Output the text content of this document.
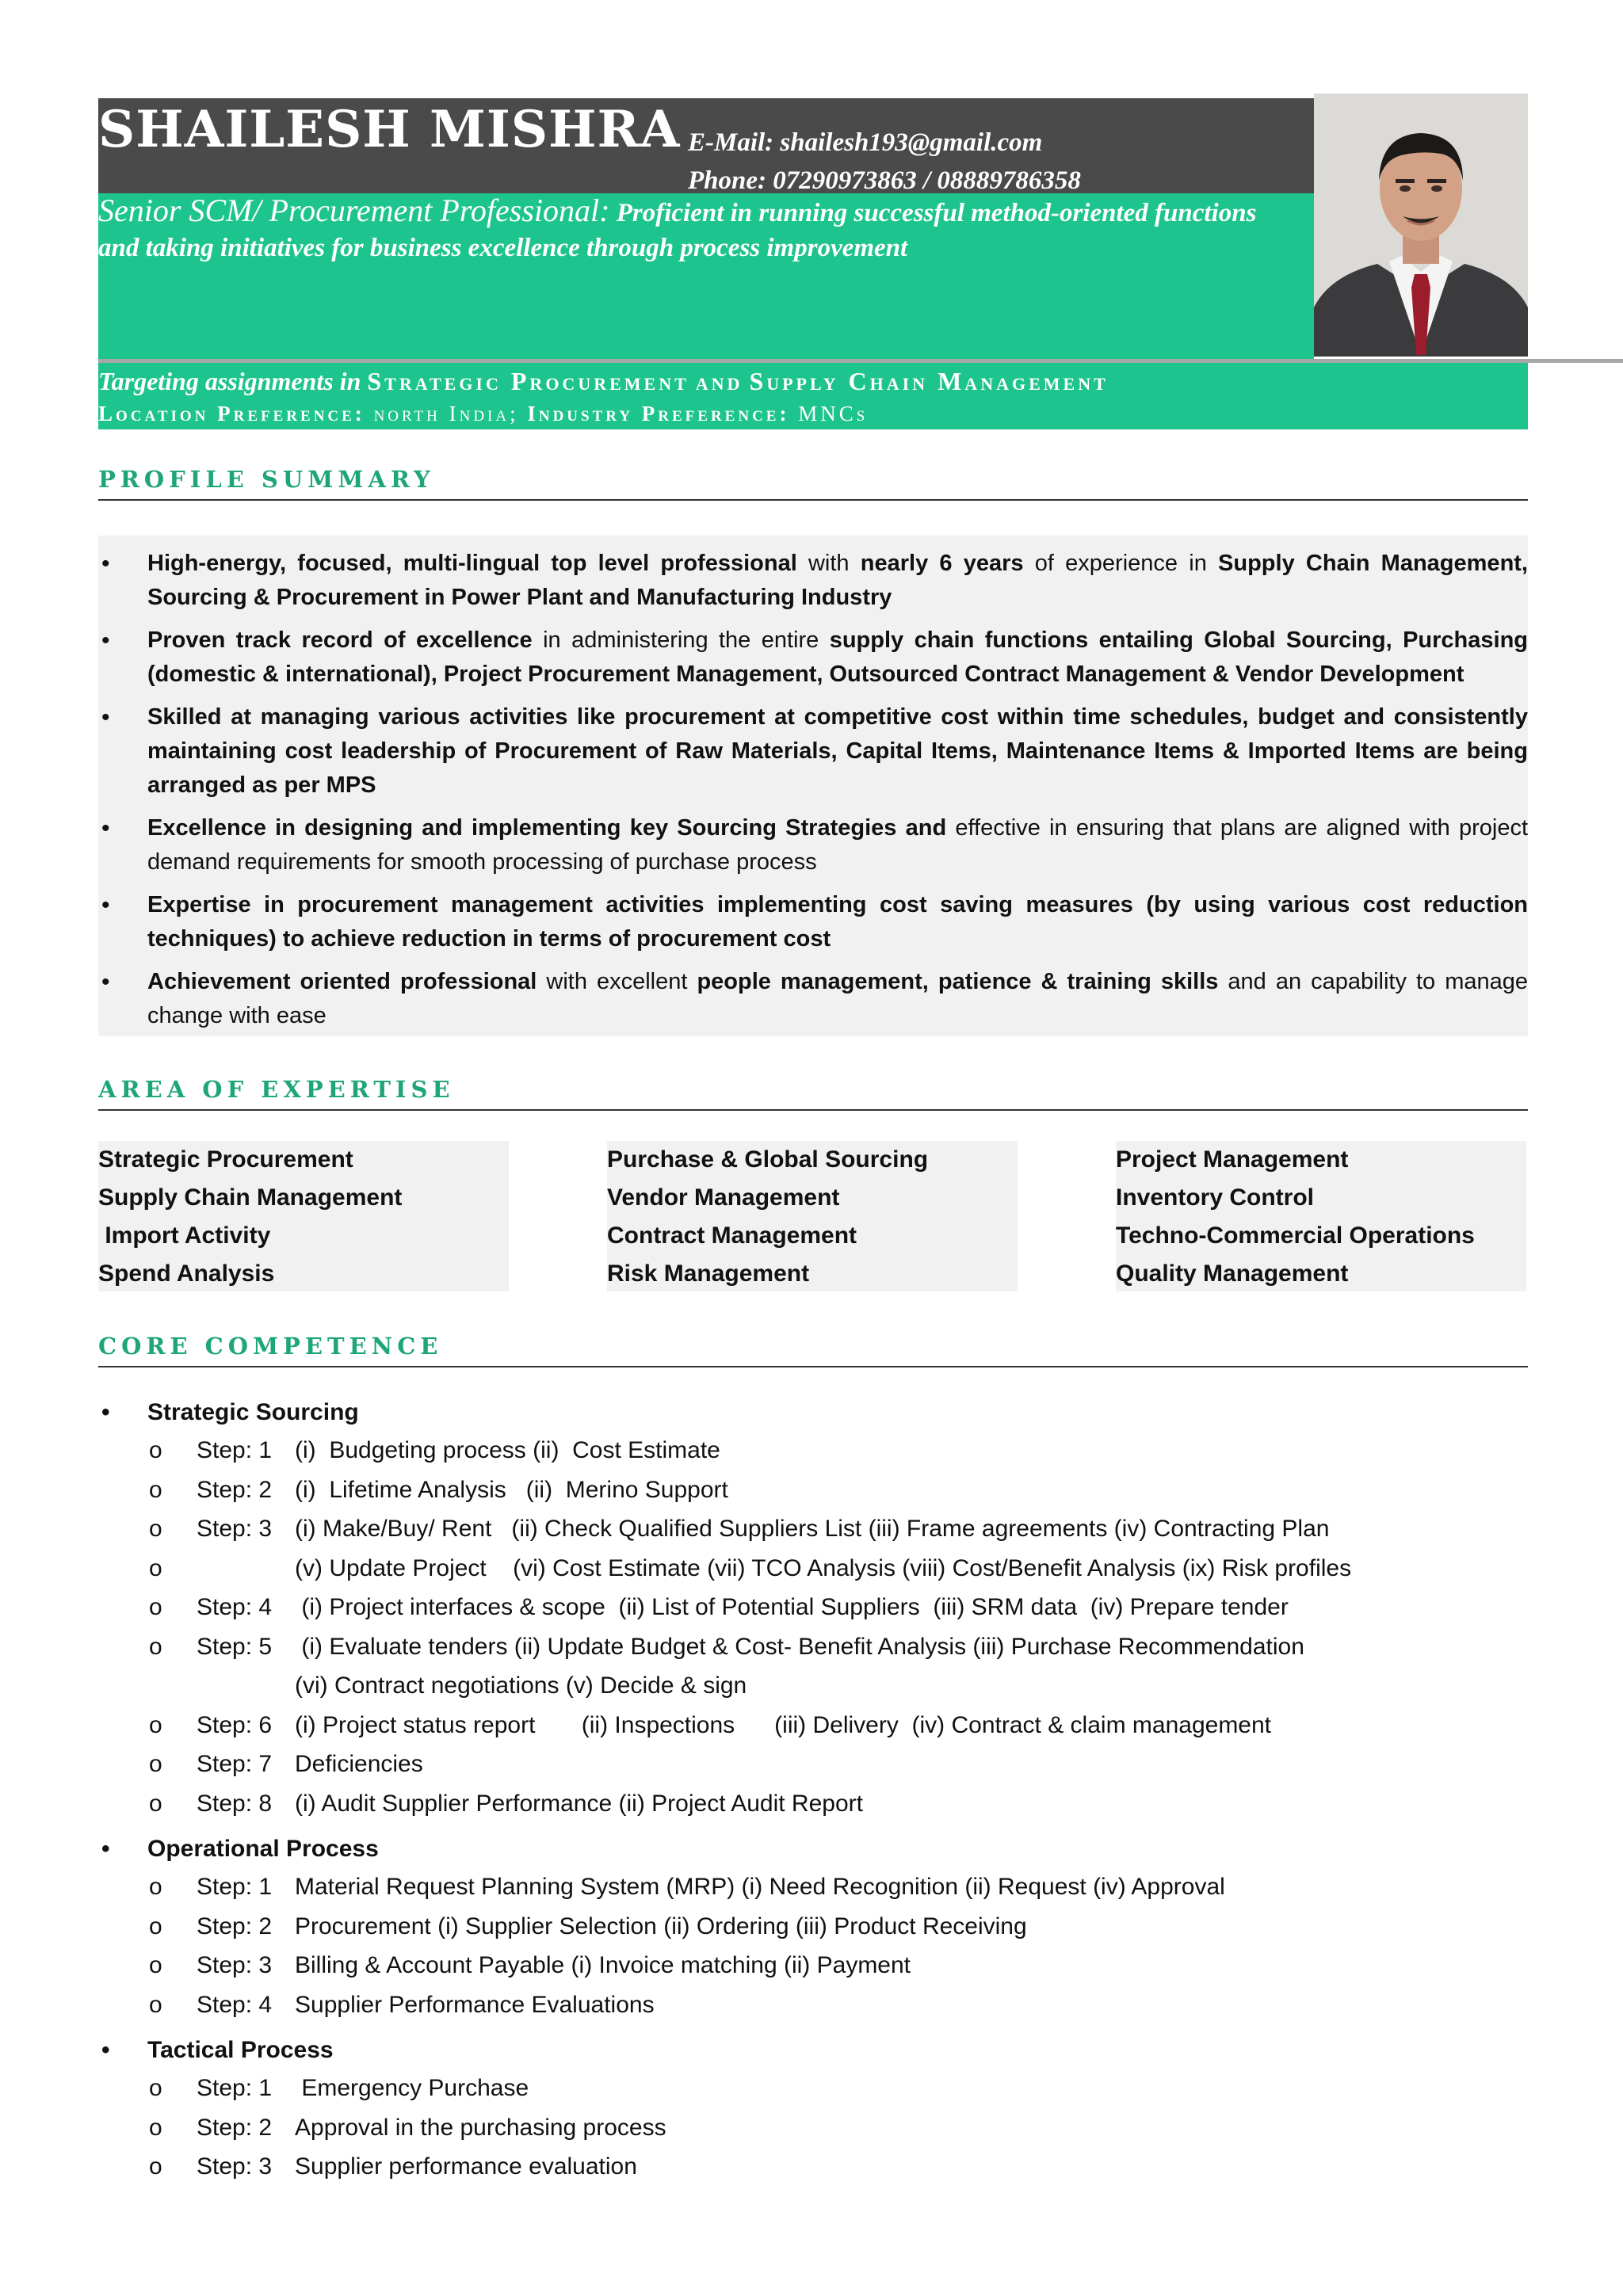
SHAILESH MISHRA E-Mail: shailesh193@gmail.com
Phone: 07290973863 / 08889786358
Senior SCM/ Procurement Professional: Proficient in running successful method-oriented functions and taking initiatives for business excellence through process improvement
Targeting assignments in Strategic Procurement and Supply Chain Management
Location Preference: north India; Industry Preference: MNCs
PROFILE SUMMARY
• High-energy, focused, multi-lingual top level professional with nearly 6 years of experience in Supply Chain Management, Sourcing & Procurement in Power Plant and Manufacturing Industry
• Proven track record of excellence in administering the entire supply chain functions entailing Global Sourcing, Purchasing (domestic & international), Project Procurement Management, Outsourced Contract Management & Vendor Development
• Skilled at managing various activities like procurement at competitive cost within time schedules, budget and consistently maintaining cost leadership of Procurement of Raw Materials, Capital Items, Maintenance Items & Imported Items are being arranged as per MPS
• Excellence in designing and implementing key Sourcing Strategies and effective in ensuring that plans are aligned with project demand requirements for smooth processing of purchase process
• Expertise in procurement management activities implementing cost saving measures (by using various cost reduction techniques) to achieve reduction in terms of procurement cost
• Achievement oriented professional with excellent people management, patience & training skills and an capability to manage change with ease
AREA OF EXPERTISE
Strategic Procurement
Supply Chain Management
Import Activity
Spend Analysis
Purchase & Global Sourcing
Vendor Management
Contract Management
Risk Management
Project Management
Inventory Control
Techno-Commercial Operations
Quality Management
CORE COMPETENCE
• Strategic Sourcing
o Step: 1 (i)  Budgeting process (ii)  Cost Estimate
o Step: 2 (i)  Lifetime Analysis   (ii)  Merino Support
o Step: 3 (i) Make/Buy/ Rent   (ii) Check Qualified Suppliers List (iii) Frame agreements (iv) Contracting Plan
o	(v) Update Project    (vi) Cost Estimate (vii) TCO Analysis (viii) Cost/Benefit Analysis (ix) Risk profiles
o Step: 4 (i) Project interfaces & scope  (ii) List of Potential Suppliers  (iii) SRM data  (iv) Prepare tender
o Step: 5 (i) Evaluate tenders (ii) Update Budget & Cost- Benefit Analysis (iii) Purchase Recommendation
(vi) Contract negotiations (v) Decide & sign
o Step: 6 (i) Project status report       (ii) Inspections      (iii) Delivery  (iv) Contract & claim management
o Step: 7 Deficiencies
o Step: 8 (i) Audit Supplier Performance (ii) Project Audit Report
• Operational Process
o Step: 1 Material Request Planning System (MRP) (i) Need Recognition (ii) Request (iv) Approval
o Step: 2 Procurement (i) Supplier Selection (ii) Ordering (iii) Product Receiving
o Step: 3 Billing & Account Payable (i) Invoice matching (ii) Payment
o Step: 4 Supplier Performance Evaluations
• Tactical Process
o Step: 1 Emergency Purchase
o Step: 2 Approval in the purchasing process
o Step: 3 Supplier performance evaluation
